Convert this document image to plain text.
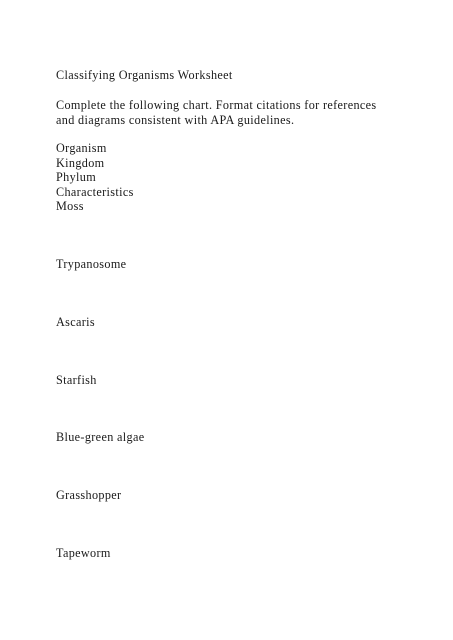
Classifying Organisms Worksheet
Complete the following chart. Format citations for references
and diagrams consistent with APA guidelines.
Organism
Kingdom
Phylum
Characteristics
Moss
Trypanosome
Ascaris
Starfish
Blue-green algae
Grasshopper
Tapeworm
